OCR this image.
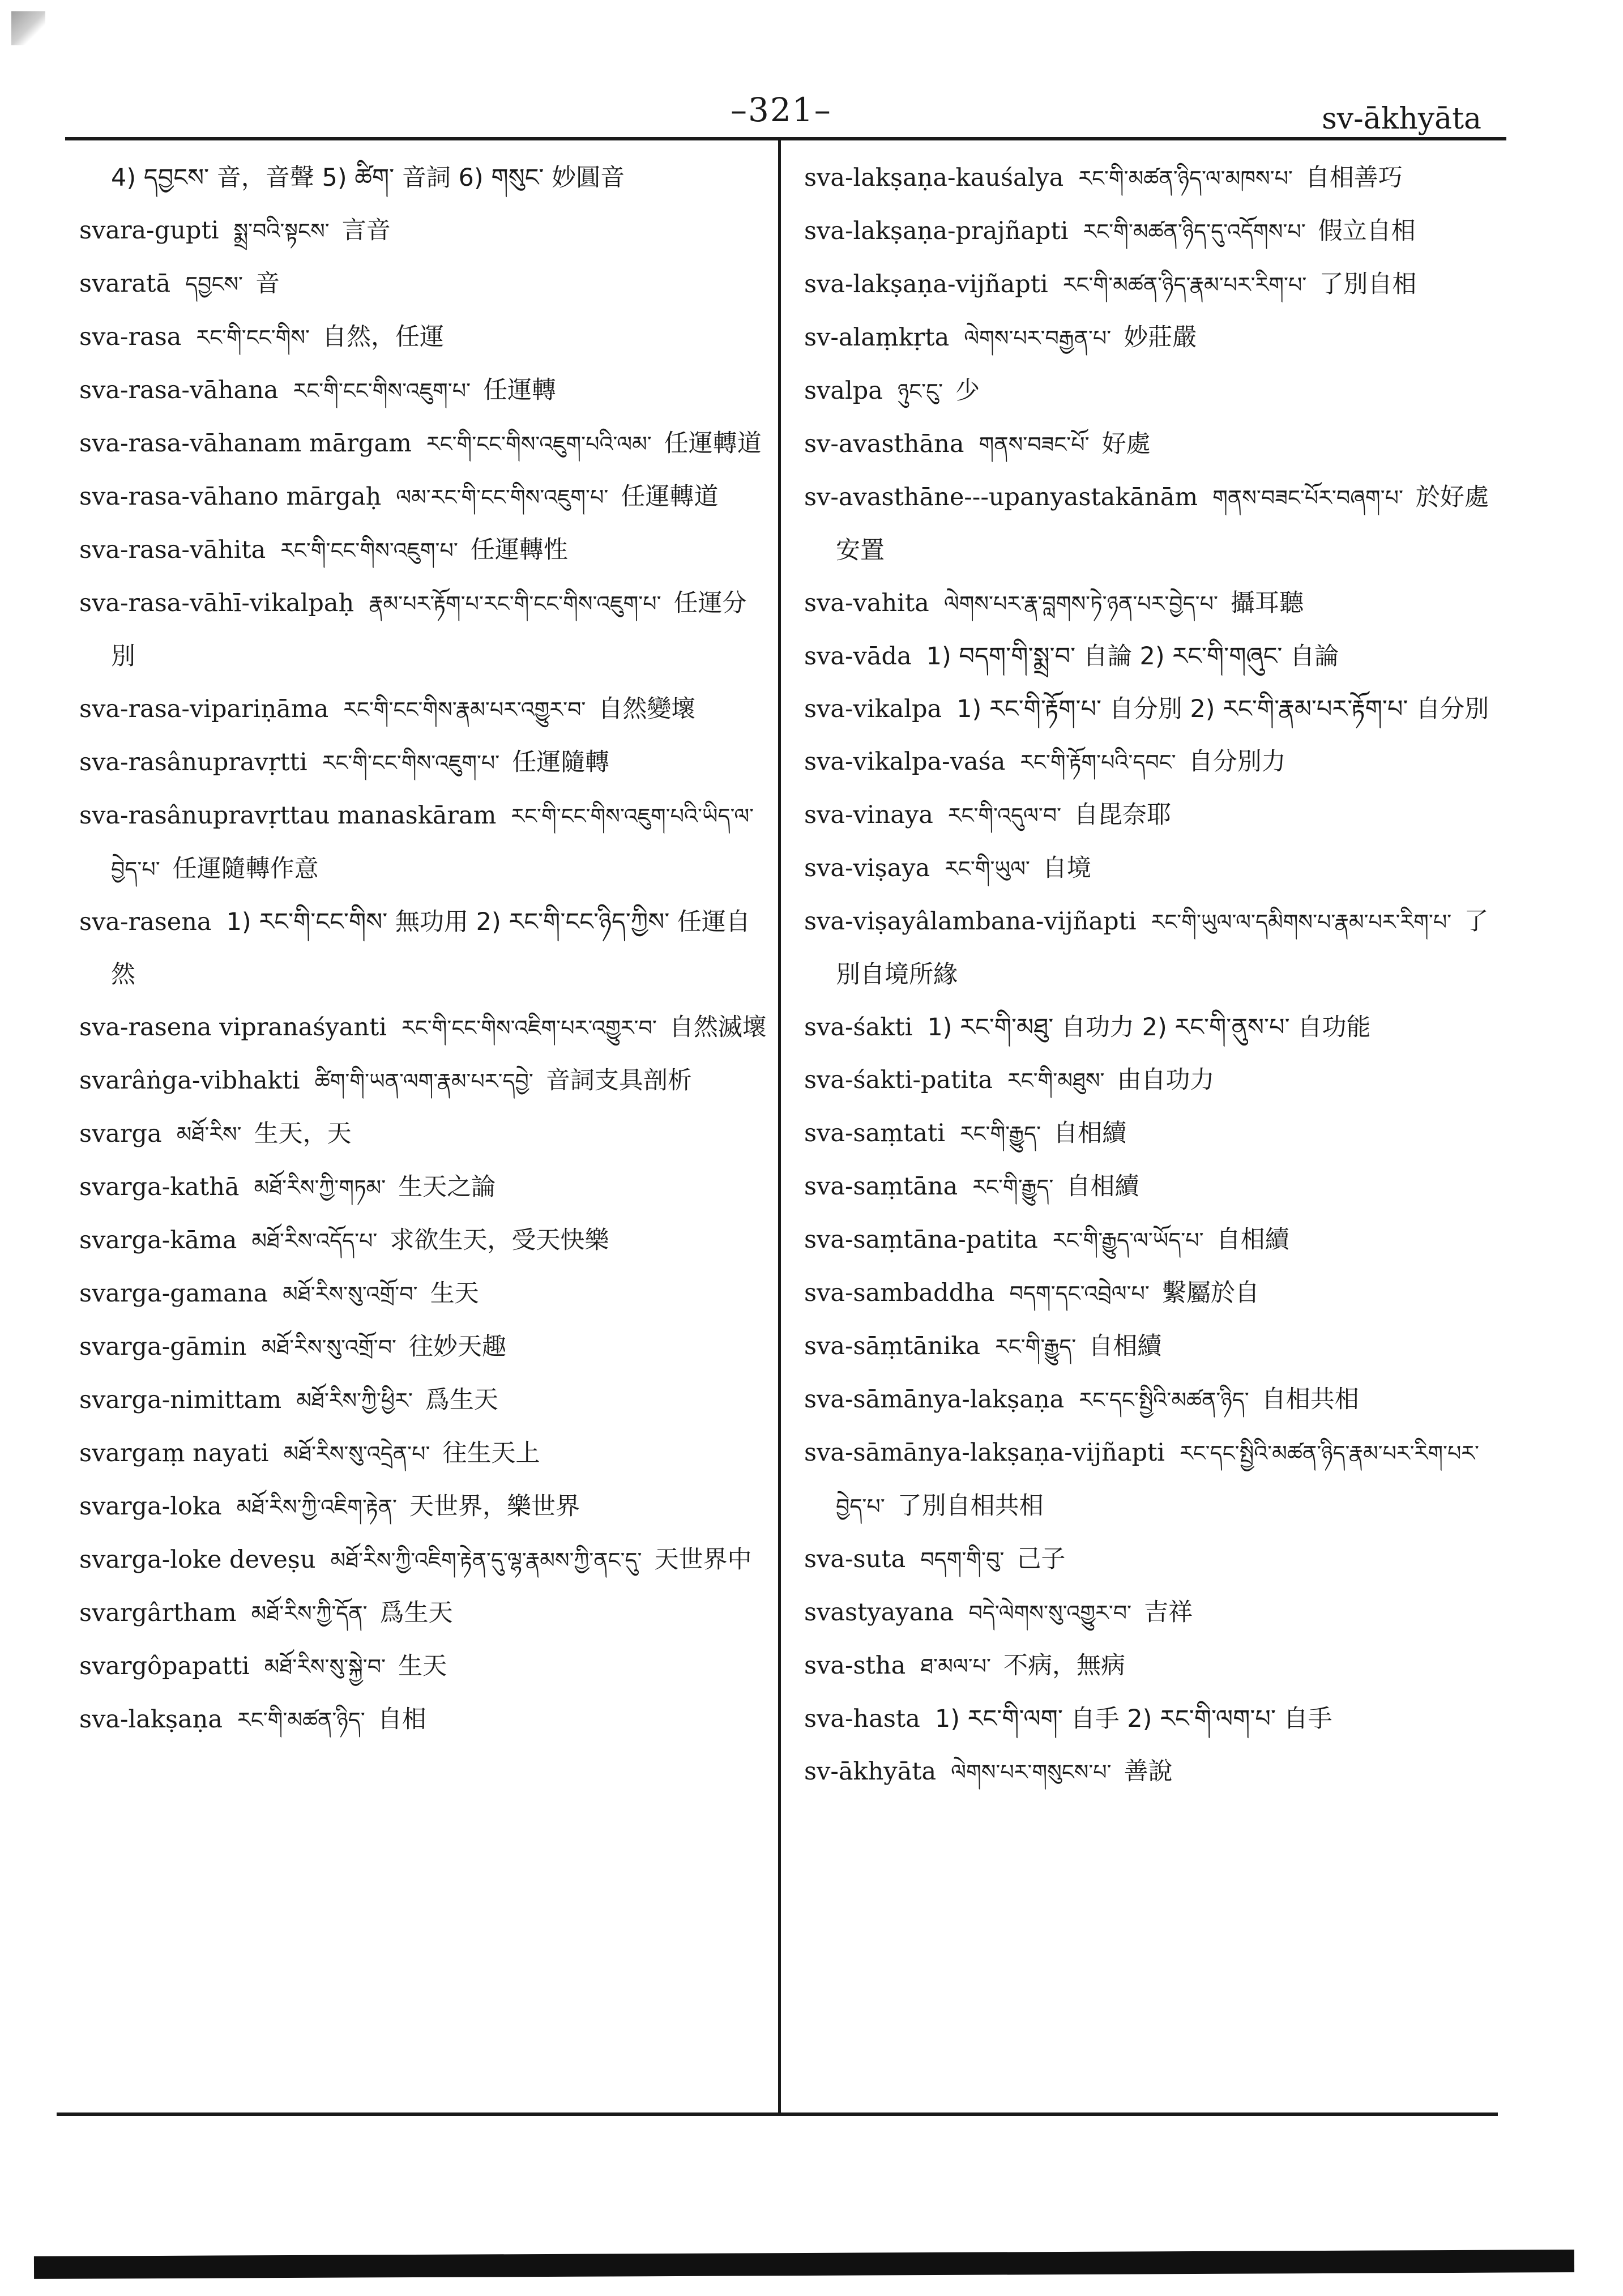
–321–	sv-ākhyāta
4) དབྱངས་ 音，音聲 5) ཚིག་ 音詞 6) གསུང་ 妙圓音
svara-gupti སྨྲ་བའི་སྟངས་ 言音
svaratā དབྱངས་ 音
sva-rasa རང་གི་ངང་གིས་ 自然，任運
sva-rasa-vāhana རང་གི་ངང་གིས་འཇུག་པ་ 任運轉
sva-rasa-vāhanam mārgam རང་གི་ངང་གིས་འཇུག་པའི་ལམ་ 任運轉道
sva-rasa-vāhano mārgaḥ ལམ་རང་གི་ངང་གིས་འཇུག་པ་ 任運轉道
sva-rasa-vāhita རང་གི་ངང་གིས་འཇུག་པ་ 任運轉性
sva-rasa-vāhī-vikalpaḥ རྣམ་པར་རྟོག་པ་རང་གི་ངང་གིས་འཇུག་པ་ 任運分別
sva-rasa-vipariṇāma རང་གི་ངང་གིས་རྣམ་པར་འགྱུར་བ་ 自然變壞
sva-rasânupravṛtti རང་གི་ངང་གིས་འཇུག་པ་ 任運隨轉
sva-rasânupravṛttau manaskāram རང་གི་ངང་གིས་འཇུག་པའི་ཡིད་ལ་བྱེད་པ་ 任運隨轉作意
sva-rasena 1) རང་གི་ངང་གིས་ 無功用 2) རང་གི་ངང་ཉིད་ཀྱིས་ 任運自然
sva-rasena vipranaśyanti རང་གི་ངང་གིས་འཇིག་པར་འགྱུར་བ་ 自然滅壞
svarâṅga-vibhakti ཚིག་གི་ཡན་ལག་རྣམ་པར་དབྱེ་ 音詞支具剖析
svarga མཐོ་རིས་ 生天，天
svarga-kathā མཐོ་རིས་ཀྱི་གཏམ་ 生天之論
svarga-kāma མཐོ་རིས་འདོད་པ་ 求欲生天，受天快樂
svarga-gamana མཐོ་རིས་སུ་འགྲོ་བ་ 生天
svarga-gāmin མཐོ་རིས་སུ་འགྲོ་བ་ 往妙天趣
svarga-nimittam མཐོ་རིས་ཀྱི་ཕྱིར་ 爲生天
svargaṃ nayati མཐོ་རིས་སུ་འདྲེན་པ་ 往生天上
svarga-loka མཐོ་རིས་ཀྱི་འཇིག་རྟེན་ 天世界，樂世界
svarga-loke deveṣu མཐོ་རིས་ཀྱི་འཇིག་རྟེན་དུ་ལྷ་རྣམས་ཀྱི་ནང་དུ་ 天世界中
svargârtham མཐོ་རིས་ཀྱི་དོན་ 爲生天
svargôpapatti མཐོ་རིས་སུ་སྐྱེ་བ་ 生天
sva-lakṣaṇa རང་གི་མཚན་ཉིད་ 自相
sva-lakṣaṇa-kauśalya རང་གི་མཚན་ཉིད་ལ་མཁས་པ་ 自相善巧
sva-lakṣaṇa-prajñapti རང་གི་མཚན་ཉིད་དུ་འདོགས་པ་ 假立自相
sva-lakṣaṇa-vijñapti རང་གི་མཚན་ཉིད་རྣམ་པར་རིག་པ་ 了別自相
sv-alaṃkṛta ལེགས་པར་བརྒྱན་པ་ 妙莊嚴
svalpa ཉུང་ངུ་ 少
sv-avasthāna གནས་བཟང་པོ་ 好處
sv-avasthāne---upanyastakānām གནས་བཟང་པོར་བཞག་པ་ 於好處安置
sva-vahita ལེགས་པར་རྣ་བླགས་ཏེ་ཉན་པར་བྱེད་པ་ 攝耳聽
sva-vāda 1) བདག་གི་སྨྲ་བ་ 自論 2) རང་གི་གཞུང་ 自論
sva-vikalpa 1) རང་གི་རྟོག་པ་ 自分別 2) རང་གི་རྣམ་པར་རྟོག་པ་ 自分別
sva-vikalpa-vaśa རང་གི་རྟོག་པའི་དབང་ 自分別力
sva-vinaya རང་གི་འདུལ་བ་ 自毘奈耶
sva-viṣaya རང་གི་ཡུལ་ 自境
sva-viṣayâlambana-vijñapti རང་གི་ཡུལ་ལ་དམིགས་པ་རྣམ་པར་རིག་པ་ 了別自境所緣
sva-śakti 1) རང་གི་མཐུ་ 自功力 2) རང་གི་ནུས་པ་ 自功能
sva-śakti-patita རང་གི་མཐུས་ 由自功力
sva-saṃtati རང་གི་རྒྱུད་ 自相續
sva-saṃtāna རང་གི་རྒྱུད་ 自相續
sva-saṃtāna-patita རང་གི་རྒྱུད་ལ་ཡོད་པ་ 自相續
sva-sambaddha བདག་དང་འབྲེལ་པ་ 繫屬於自
sva-sāṃtānika རང་གི་རྒྱུད་ 自相續
sva-sāmānya-lakṣaṇa རང་དང་སྤྱིའི་མཚན་ཉིད་ 自相共相
sva-sāmānya-lakṣaṇa-vijñapti རང་དང་སྤྱིའི་མཚན་ཉིད་རྣམ་པར་རིག་པར་བྱེད་པ་ 了別自相共相
sva-suta བདག་གི་བུ་ 己子
svastyayana བདེ་ལེགས་སུ་འགྱུར་བ་ 吉祥
sva-stha ཐ་མལ་པ་ 不病，無病
sva-hasta 1) རང་གི་ལག་ 自手 2) རང་གི་ལག་པ་ 自手
sv-ākhyāta ལེགས་པར་གསུངས་པ་ 善說
